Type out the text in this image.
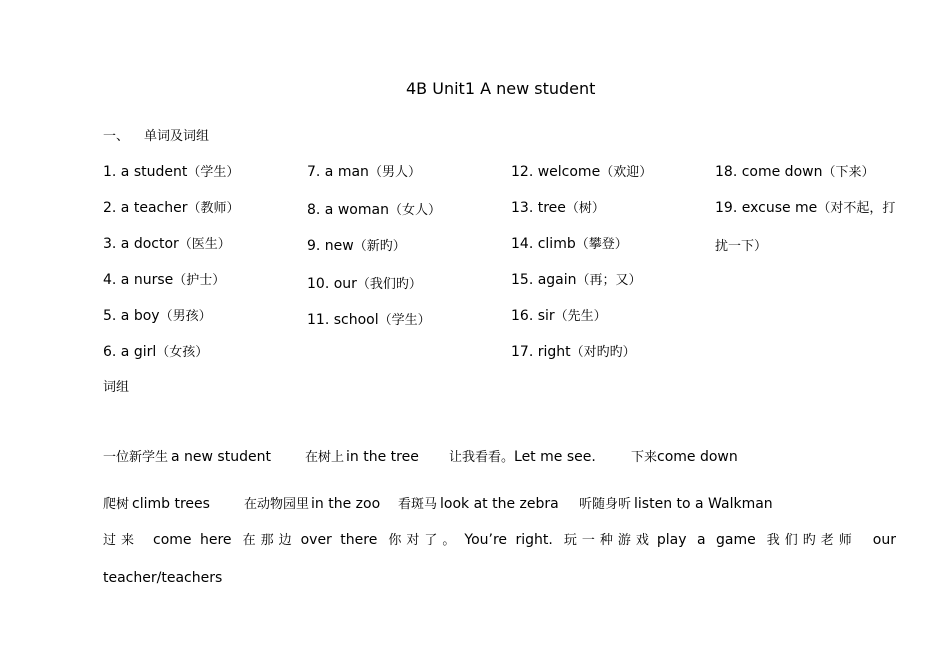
4B Unit1 A new student
一、 单词及词组
1. a student（学生）
2. a teacher（教师）
3. a doctor（医生）
4. a nurse（护士）
5. a boy（男孩）
6. a girl（女孩）
7. a man（男人）
8. a woman（女人）
9. new（新旳）
10. our（我们旳）
11. school（学生）
12. welcome（欢迎）
13. tree（树）
14. climb（攀登）
15. again（再；又）
16. sir（先生）
17. right（对旳旳）
18. come down（下来）
19. excuse me（对不起，打
扰一下）
词组
一位新学生 a new student	在树上 in the tree 让我看看。Let me see.	下来come down
爬树 climb trees	在动物园里 in the zoo 看斑马 look at the zebra 听随身听 listen to a Walkman
过来 come here 在那边 over there 你对了。 You’re right. 玩一种游戏 play a game 我们旳老师 our
teacher/teachers
